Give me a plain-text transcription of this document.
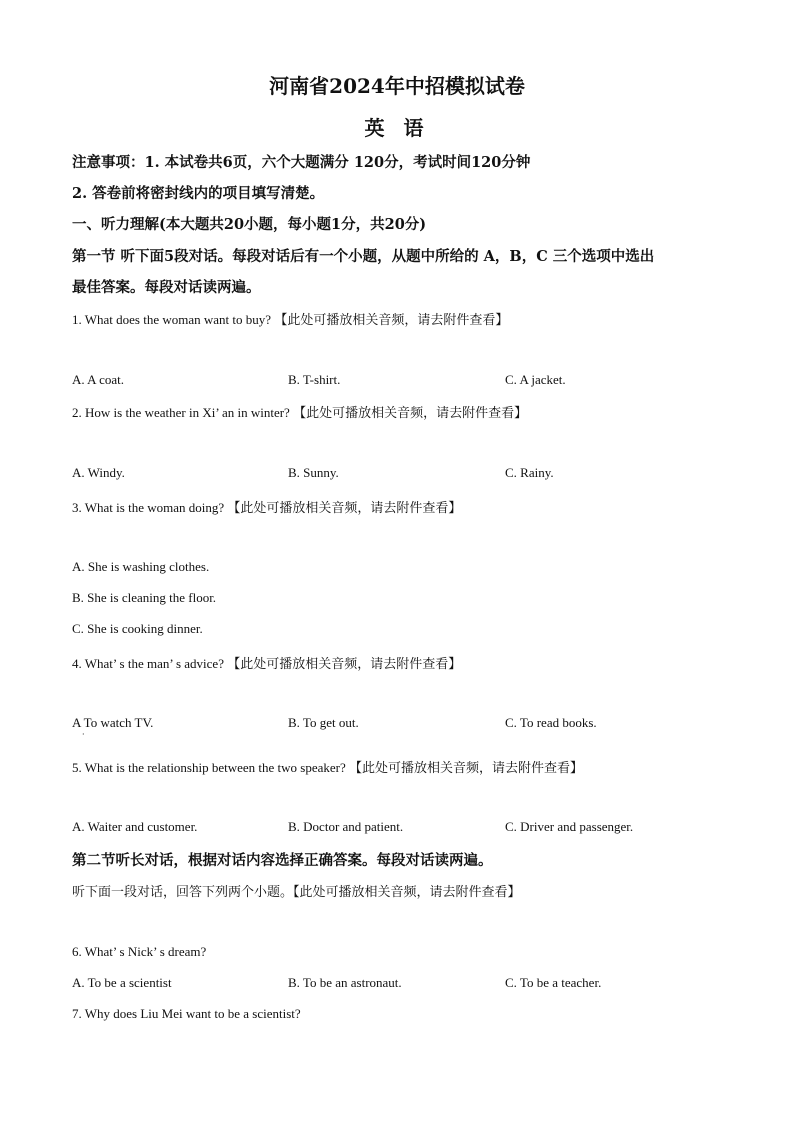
河南省2024年中招模拟试卷
英 语
注意事项：1. 本试卷共6页，六个大题满分 120分，考试时间120分钟
2. 答卷前将密封线内的项目填写清楚。
一、听力理解(本大题共20小题，每小题1分，共20分)
第一节 听下面5段对话。每段对话后有一个小题，从题中所给的 A，B，C 三个选项中选出
最佳答案。每段对话读两遍。
1. What does the woman want to buy? 【此处可播放相关音频，请去附件查看】
A. A coat.	B. T-shirt.	C. A jacket.
2. How is the weather in Xi’ an in winter? 【此处可播放相关音频，请去附件查看】
A. Windy.	B. Sunny.	C. Rainy.
3. What is the woman doing? 【此处可播放相关音频，请去附件查看】
A. She is washing clothes.
B. She is cleaning the floor.
C. She is cooking dinner.
4. What’ s the man’ s advice? 【此处可播放相关音频，请去附件查看】
A To watch TV.	B. To get out.	C. To read books.
·
5. What is the relationship between the two speaker? 【此处可播放相关音频，请去附件查看】
A. Waiter and customer.	B. Doctor and patient.	C. Driver and passenger.
第二节听长对话，根据对话内容选择正确答案。每段对话读两遍。
听下面一段对话，回答下列两个小题。【此处可播放相关音频，请去附件查看】
6. What’ s Nick’ s dream?
A. To be a scientist	B. To be an astronaut.	C. To be a teacher.
7. Why does Liu Mei want to be a scientist?
